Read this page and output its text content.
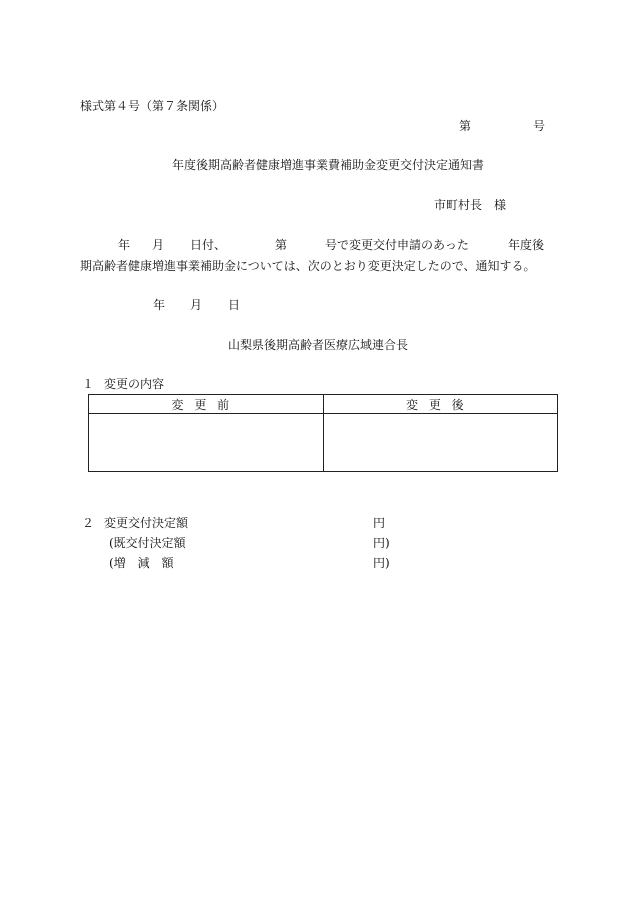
様式第４号（第７条関係）
第	号
年度後期高齢者健康増進事業費補助金変更交付決定通知書
市町村長　様
年 月 日付、	第	号で変更交付申請のあった	年度後
期高齢者健康増進事業補助金については、次のとおり変更決定したので、通知する。
年 月 日
山梨県後期高齢者医療広域連合長
１ 変更の内容
変更前	変更後

２ 変更交付決定額	円
(既交付決定額	円)
(増　減　額	円)
